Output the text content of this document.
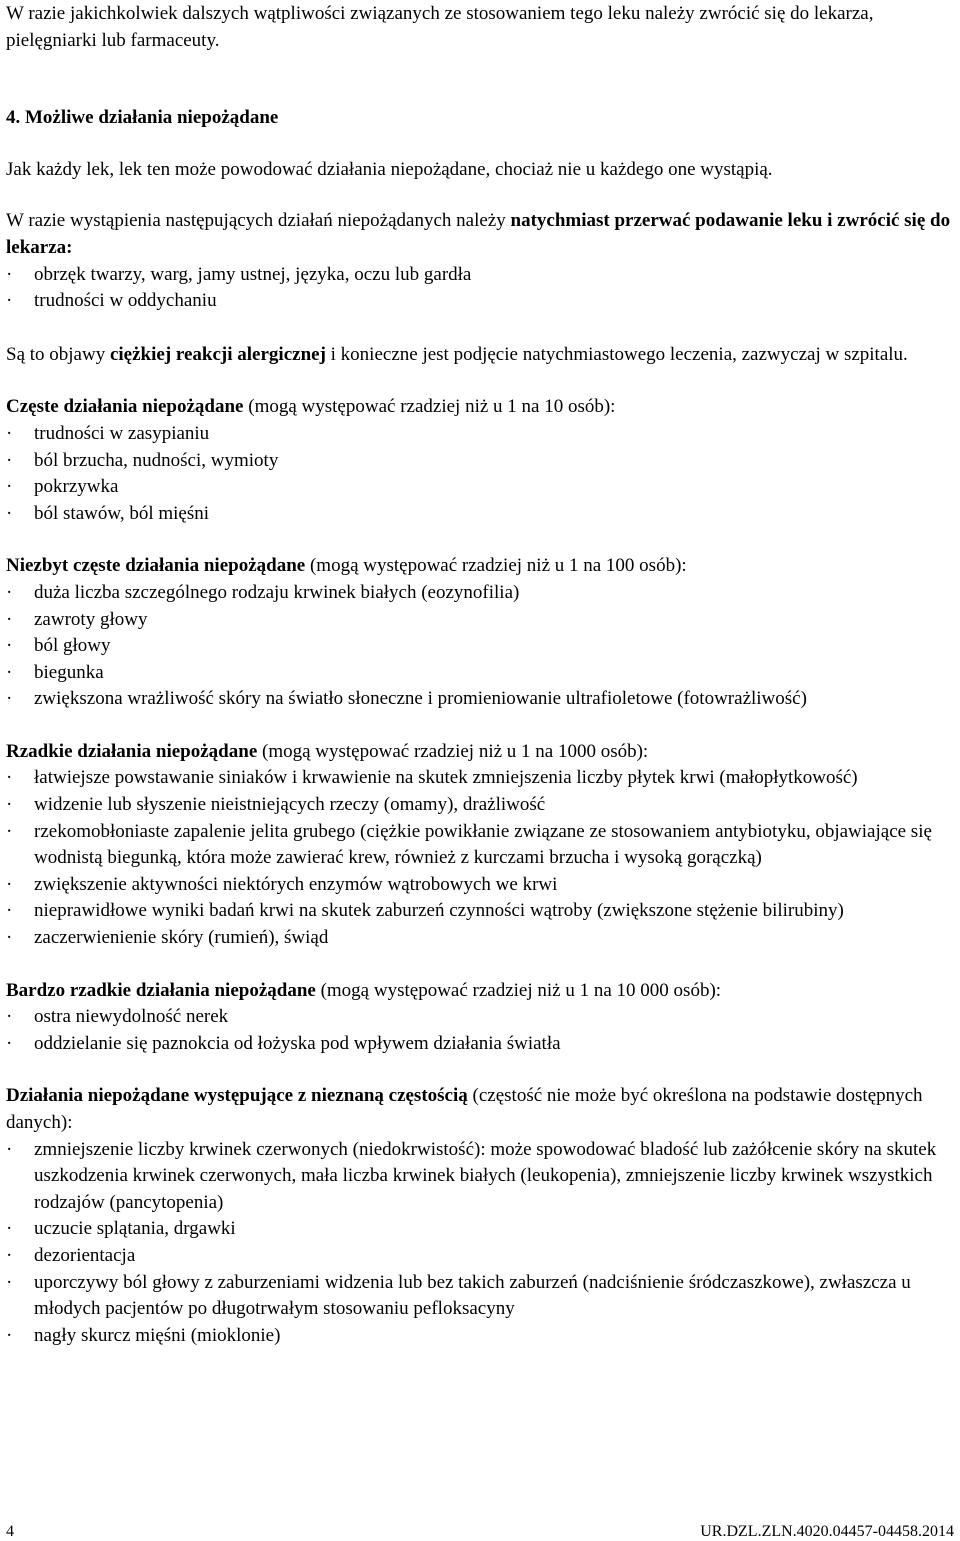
W razie jakichkolwiek dalszych wątpliwości związanych ze stosowaniem tego leku należy zwrócić się do lekarza, pielęgniarki lub farmaceuty.

4. Możliwe działania niepożądane

Jak każdy lek, lek ten może powodować działania niepożądane, chociaż nie u każdego one wystąpią.

W razie wystąpienia następujących działań niepożądanych należy natychmiast przerwać podawanie leku i zwrócić się do lekarza:

· obrzęk twarzy, warg, jamy ustnej, języka, oczu lub gardła
· trudności w oddychaniu

Są to objawy ciężkiej reakcji alergicznej i konieczne jest podjęcie natychmiastowego leczenia, zazwyczaj w szpitalu.

Częste działania niepożądane (mogą występować rzadziej niż u 1 na 10 osób):

· trudności w zasypianiu
· ból brzucha, nudności, wymioty
· pokrzywka
· ból stawów, ból mięśni

Niezbyt częste działania niepożądane (mogą występować rzadziej niż u 1 na 100 osób):

· duża liczba szczególnego rodzaju krwinek białych (eozynofilia)
· zawroty głowy
· ból głowy
· biegunka
· zwiększona wrażliwość skóry na światło słoneczne i promieniowanie ultrafioletowe (fotowrażliwość)

Rzadkie działania niepożądane (mogą występować rzadziej niż u 1 na 1000 osób):

· łatwiejsze powstawanie siniaków i krwawienie na skutek zmniejszenia liczby płytek krwi (małopłytkowość)
· widzenie lub słyszenie nieistniejących rzeczy (omamy), drażliwość
· rzekomobłoniaste zapalenie jelita grubego (ciężkie powikłanie związane ze stosowaniem antybiotyku, objawiające się wodnistą biegunką, która może zawierać krew, również z kurczami brzucha i wysoką gorączką)
· zwiększenie aktywności niektórych enzymów wątrobowych we krwi
· nieprawidłowe wyniki badań krwi na skutek zaburzeń czynności wątroby (zwiększone stężenie bilirubiny)
· zaczerwienienie skóry (rumień), świąd

Bardzo rzadkie działania niepożądane (mogą występować rzadziej niż u 1 na 10 000 osób):

· ostra niewydolność nerek
· oddzielanie się paznokcia od łożyska pod wpływem działania światła

Działania niepożądane występujące z nieznaną częstością (częstość nie może być określona na podstawie dostępnych danych):

· zmniejszenie liczby krwinek czerwonych (niedokrwistość): może spowodować bladość lub zażółcenie skóry na skutek uszkodzenia krwinek czerwonych, mała liczba krwinek białych (leukopenia), zmniejszenie liczby krwinek wszystkich rodzajów (pancytopenia)
· uczucie splątania, drgawki
· dezorientacja
· uporczywy ból głowy z zaburzeniami widzenia lub bez takich zaburzeń (nadciśnienie śródczaszkowe), zwłaszcza u młodych pacjentów po długotrwałym stosowaniu pefloksacyny
· nagły skurcz mięśni (mioklonie)
4	UR.DZL.ZLN.4020.04457-04458.2014
